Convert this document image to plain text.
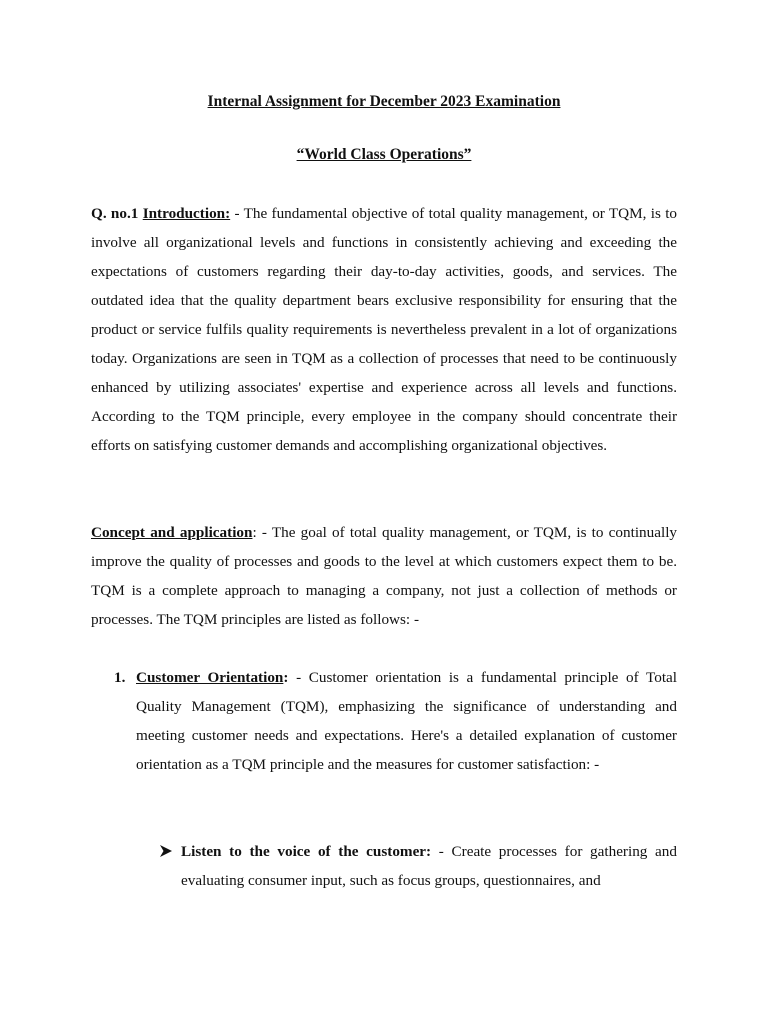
Internal Assignment for December 2023 Examination
“World Class Operations”

Q. no.1 Introduction: - The fundamental objective of total quality management, or TQM, is to involve all organizational levels and functions in consistently achieving and exceeding the expectations of customers regarding their day-to-day activities, goods, and services. The outdated idea that the quality department bears exclusive responsibility for ensuring that the product or service fulfils quality requirements is nevertheless prevalent in a lot of organizations today. Organizations are seen in TQM as a collection of processes that need to be continuously enhanced by utilizing associates' expertise and experience across all levels and functions. According to the TQM principle, every employee in the company should concentrate their efforts on satisfying customer demands and accomplishing organizational objectives.

Concept and application: - The goal of total quality management, or TQM, is to continually improve the quality of processes and goods to the level at which customers expect them to be. TQM is a complete approach to managing a company, not just a collection of methods or processes. The TQM principles are listed as follows: -

1. Customer Orientation: - Customer orientation is a fundamental principle of Total Quality Management (TQM), emphasizing the significance of understanding and meeting customer needs and expectations. Here's a detailed explanation of customer orientation as a TQM principle and the measures for customer satisfaction: -

Listen to the voice of the customer: - Create processes for gathering and evaluating consumer input, such as focus groups, questionnaires, and
